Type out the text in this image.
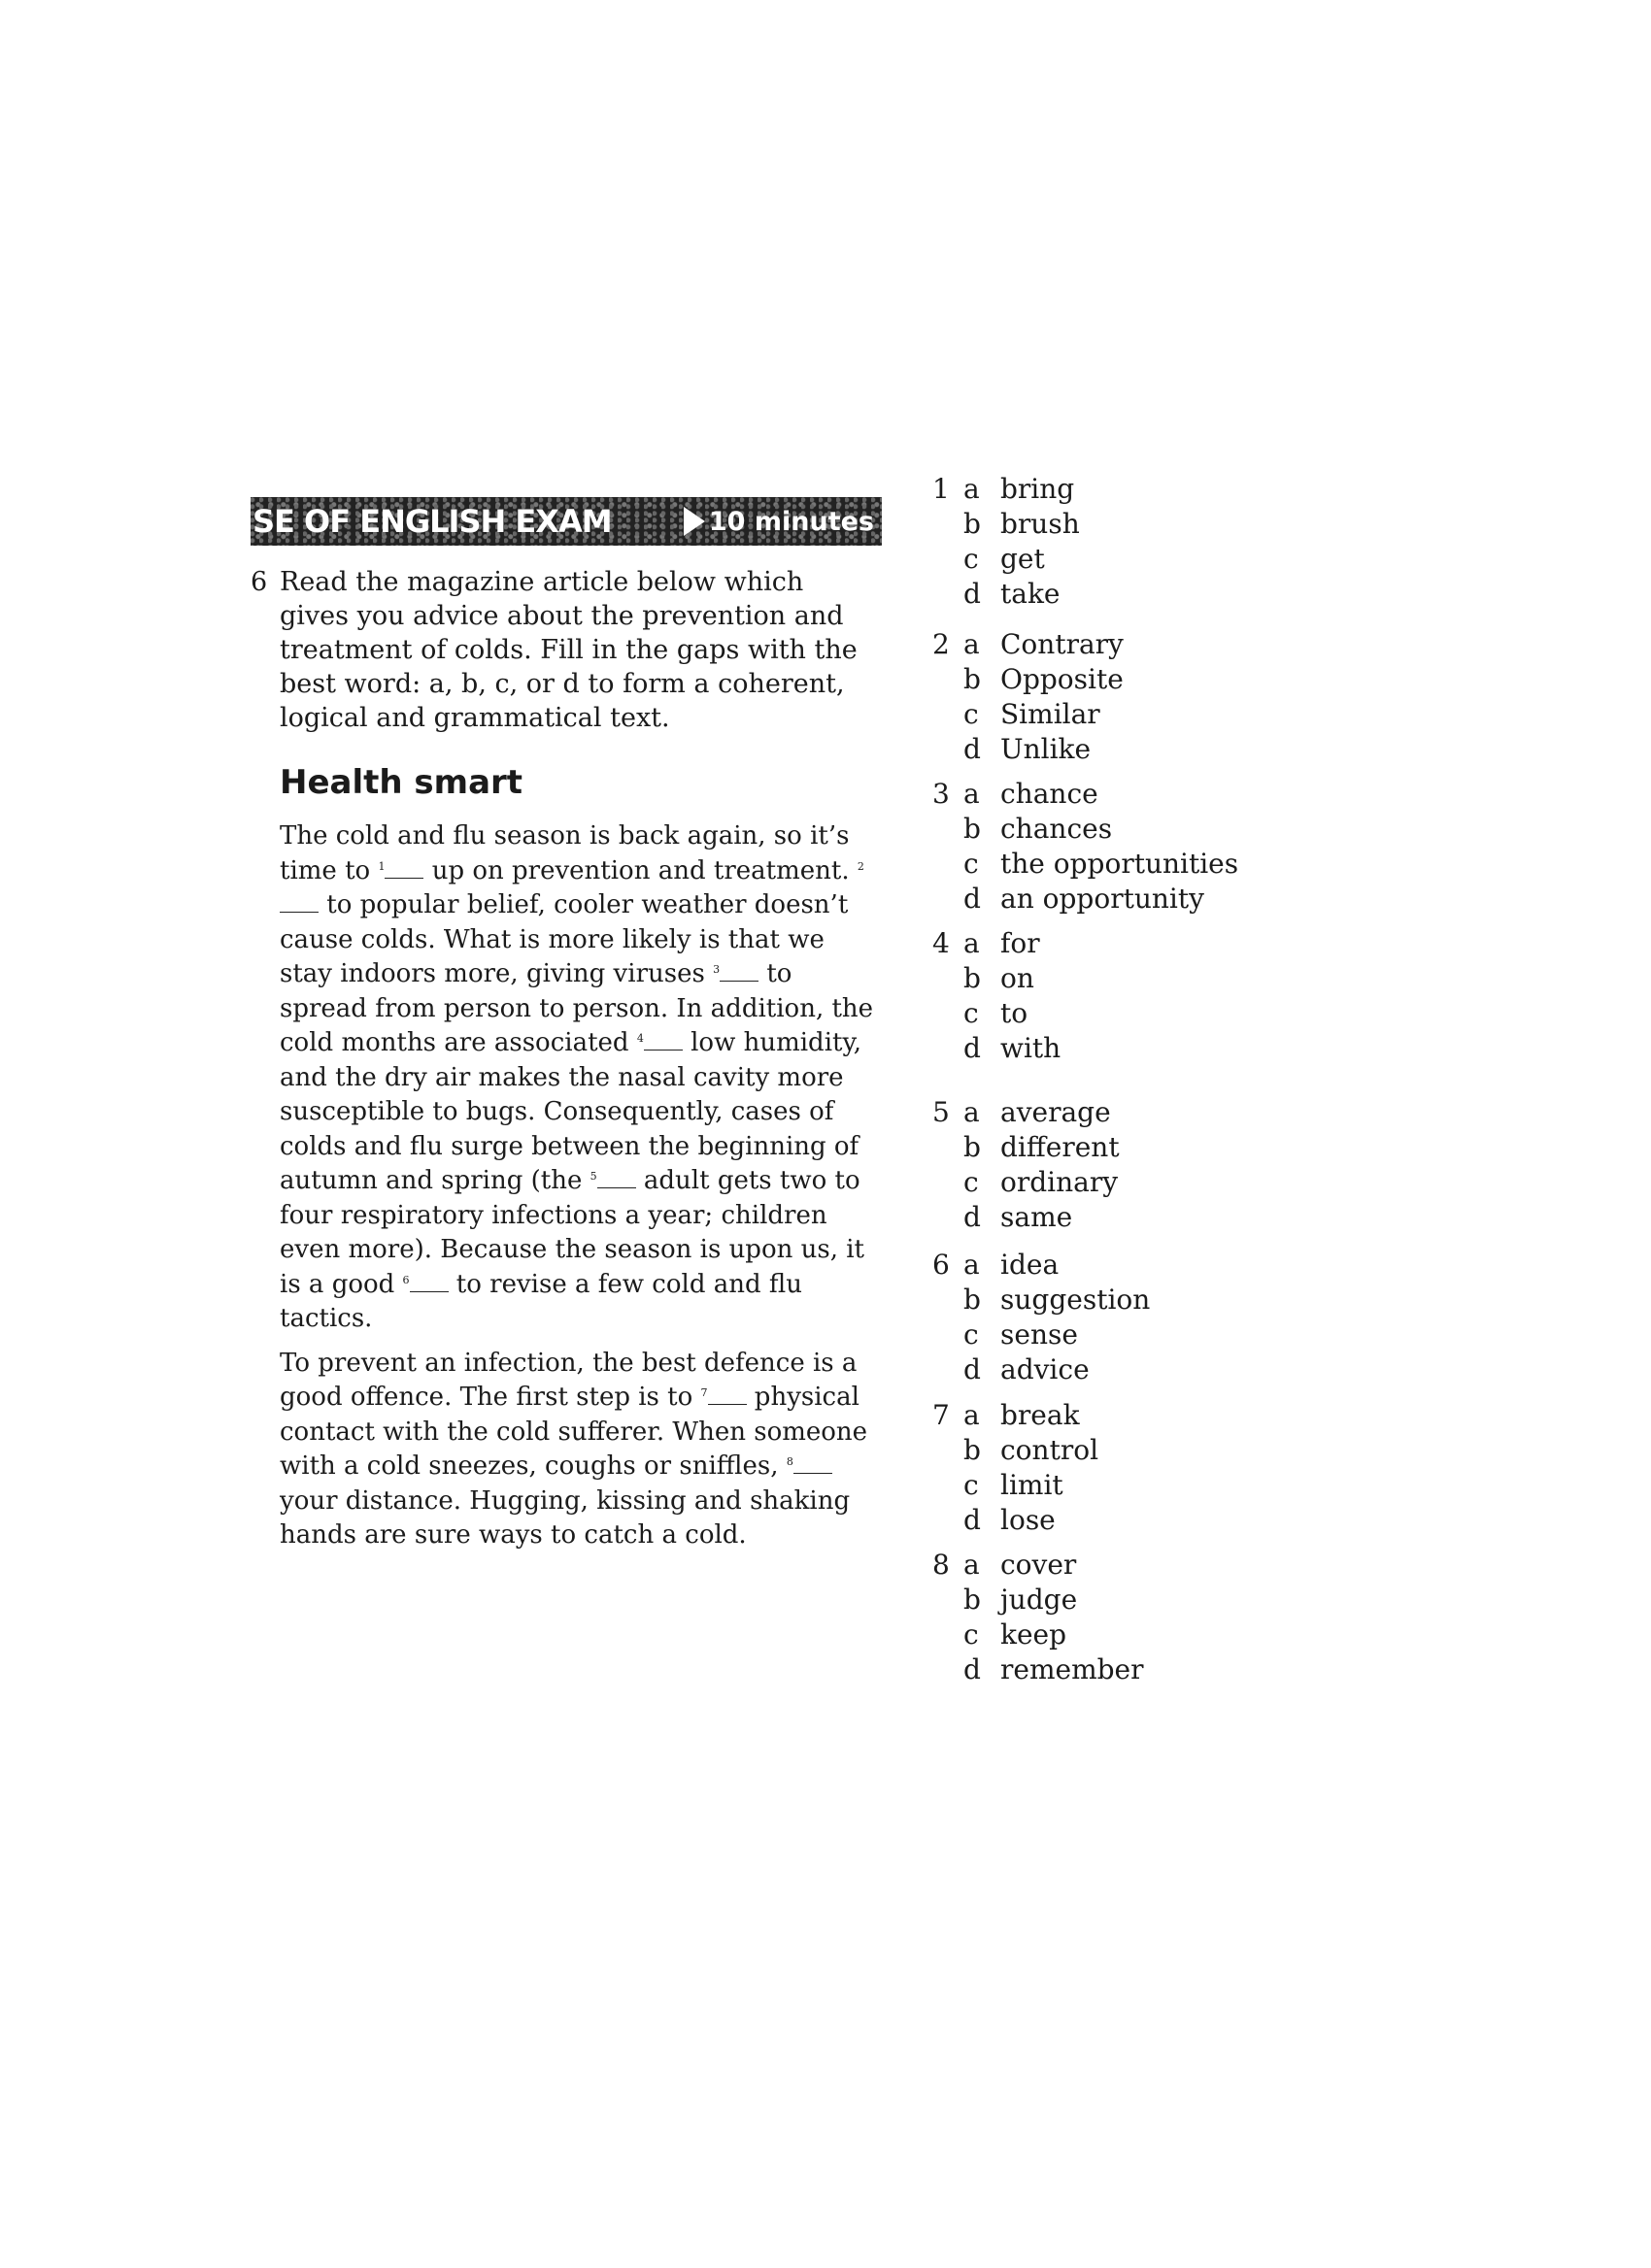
SE OF ENGLISH EXAM	10 minutes
6 Read the magazine article below which gives you advice about the prevention and treatment of colds. Fill in the gaps with the best word: a, b, c, or d to form a coherent, logical and grammatical text.
Health smart

The cold and flu season is back again, so it’s time to $^1$ up on prevention and treatment. $^2$ to popular belief, cooler weather doesn’t cause colds. What is more likely is that we stay indoors more, giving viruses $^3$ to spread from person to person. In addition, the cold months are associated $^4$ low humidity, and the dry air makes the nasal cavity more susceptible to bugs. Consequently, cases of colds and flu surge between the beginning of autumn and spring (the $^5$ adult gets two to four respiratory infections a year; children even more). Because the season is upon us, it is a good $^6$ to revise a few cold and flu tactics.

To prevent an infection, the best defence is a good offence. The first step is to $^7$ physical contact with the cold sufferer. When someone with a cold sneezes, coughs or sniffles, $^8$ your distance. Hugging, kissing and shaking hands are sure ways to catch a cold.

1 a bring
b brush
c get
d take
2 a Contrary
b Opposite
c Similar
d Unlike
3 a chance
b chances
c the opportunities
d an opportunity
4 a for
b on
c to
d with
5 a average
b different
c ordinary
d same
6 a idea
b suggestion
c sense
d advice
7 a break
b control
c limit
d lose
8 a cover
b judge
c keep
d remember
